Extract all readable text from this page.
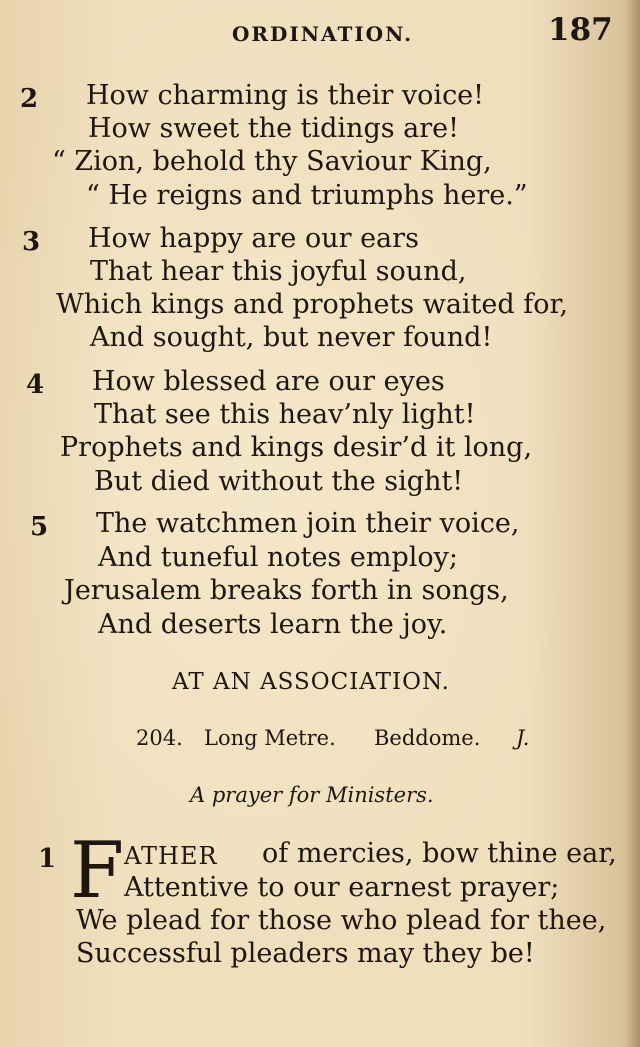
ORDINATION.	187
2 How charming is their voice!
How sweet the tidings are!
“ Zion, behold thy Saviour King,
“ He reigns and triumphs here.”
3 How happy are our ears
That hear this joyful sound,
Which kings and prophets waited for,
And sought, but never found!
4 How blessed are our eyes
That see this heav’nly light!
Prophets and kings desir’d it long,
But died without the sight!
5 The watchmen join their voice,
And tuneful notes employ;
Jerusalem breaks forth in songs,
And deserts learn the joy.
AT AN ASSOCIATION.
204. Long Metre. Beddome. J.
A prayer for Ministers.
1 F ATHER of mercies, bow thine ear,
Attentive to our earnest prayer;
We plead for those who plead for thee,
Successful pleaders may they be!
